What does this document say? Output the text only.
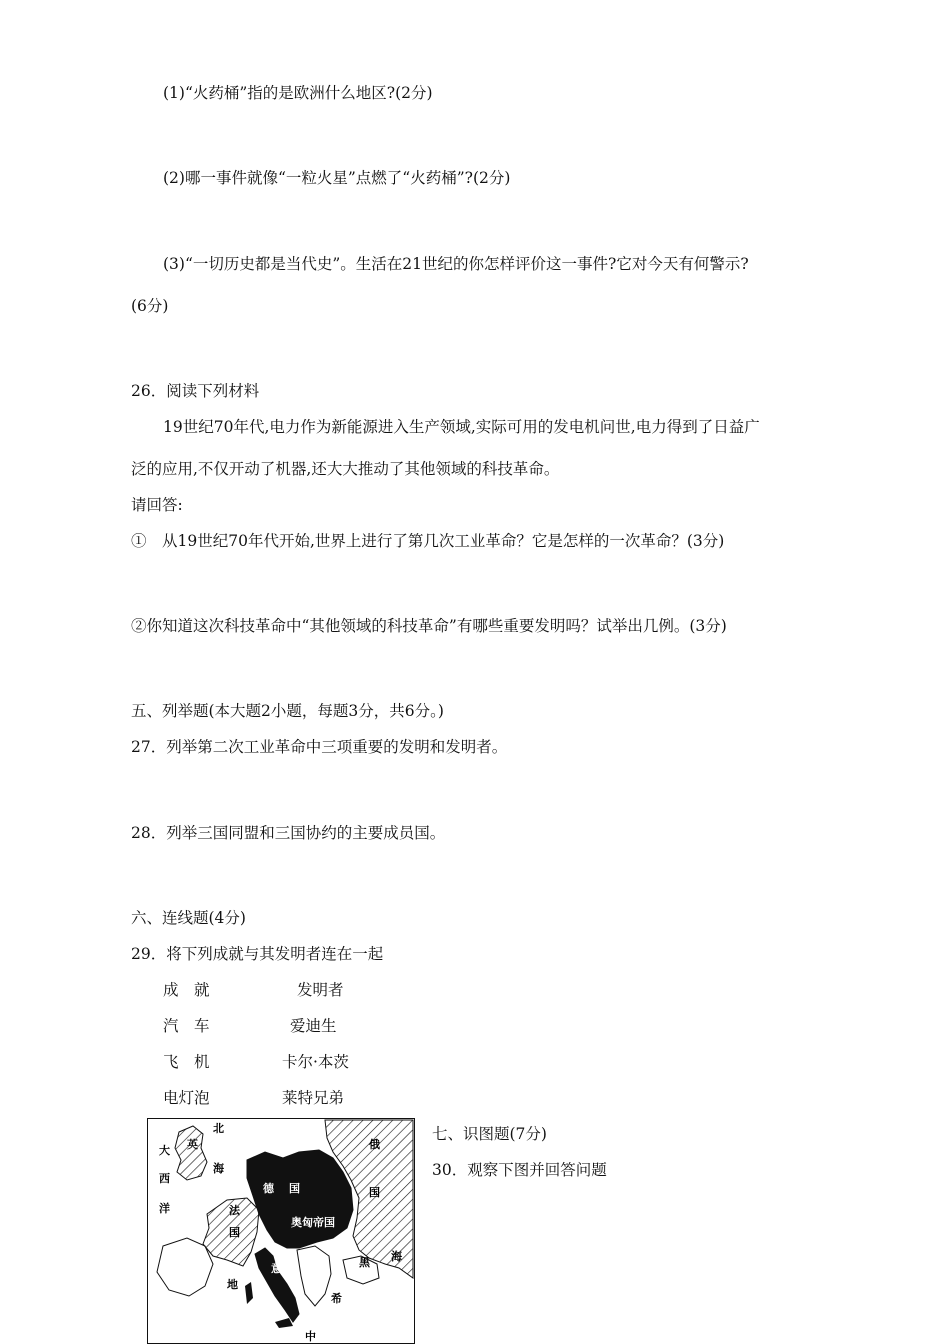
(1)“火药桶”指的是欧洲什么地区?(2分)
(2)哪一事件就像“一粒火星”点燃了“火药桶”?(2分)
(3)“一切历史都是当代史”。生活在21世纪的你怎样评价这一事件?它对今天有何警示?
(6分)
26．阅读下列材料
19世纪70年代,电力作为新能源进入生产领域,实际可用的发电机问世,电力得到了日益广
泛的应用,不仅开动了机器,还大大推动了其他领域的科技革命。
请回答:
①　从19世纪70年代开始,世界上进行了第几次工业革命？它是怎样的一次革命？(3分)
②你知道这次科技革命中“其他领域的科技革命”有哪些重要发明吗？试举出几例。(3分)
五、列举题(本大题2小题，每题3分，共6分。)
27．列举第二次工业革命中三项重要的发明和发明者。
28．列举三国同盟和三国协约的主要成员国。
六、连线题(4分)
29．将下列成就与其发明者连在一起
成　就	发明者
汽　车	爱迪生
飞　机	卡尔·本茨
电灯泡	莱特兄弟
七、识图题(7分)
30．观察下图并回答问题
大
西
洋
英
北
海
德 国
法
国
俄
国
奥匈帝国
黑 海
地
中
意
希
